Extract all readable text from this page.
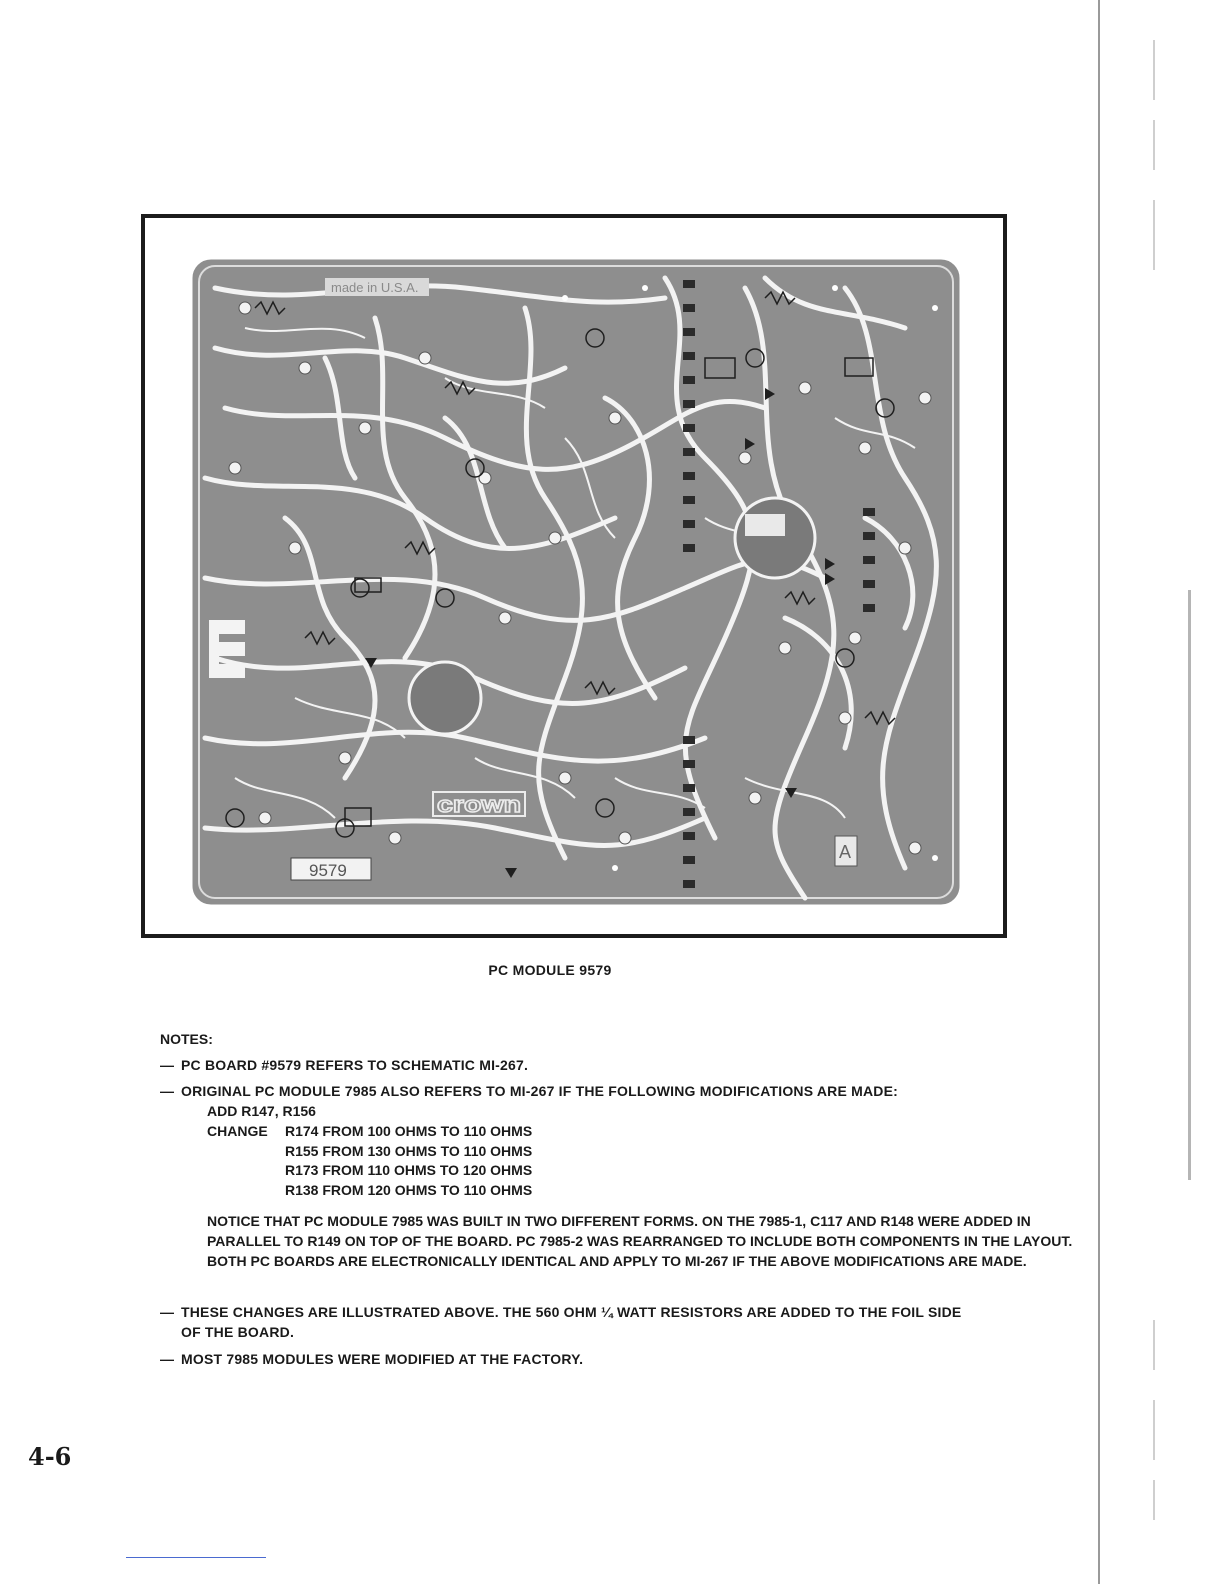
made in U.S.A.
crown
9579
A
PC MODULE 9579
NOTES:
— PC BOARD #9579 REFERS TO SCHEMATIC MI-267.
— ORIGINAL PC MODULE 7985 ALSO REFERS TO MI-267 IF THE FOLLOWING MODIFICATIONS ARE MADE:
ADD R147, R156
CHANGE R174 FROM 100 OHMS TO 110 OHMS
R155 FROM 130 OHMS TO 110 OHMS
R173 FROM 110 OHMS TO 120 OHMS
R138 FROM 120 OHMS TO 110 OHMS
NOTICE THAT PC MODULE 7985 WAS BUILT IN TWO DIFFERENT FORMS. ON THE 7985-1, C117 AND R148 WERE ADDED IN PARALLEL TO R149 ON TOP OF THE BOARD. PC 7985-2 WAS REARRANGED TO INCLUDE BOTH COMPONENTS IN THE LAYOUT. BOTH PC BOARDS ARE ELECTRONICALLY IDENTICAL AND APPLY TO MI-267 IF THE ABOVE MODIFICATIONS ARE MADE.
— THESE CHANGES ARE ILLUSTRATED ABOVE. THE 560 OHM ¼ WATT RESISTORS ARE ADDED TO THE FOIL SIDE
OF THE BOARD.
— MOST 7985 MODULES WERE MODIFIED AT THE FACTORY.
4-6
